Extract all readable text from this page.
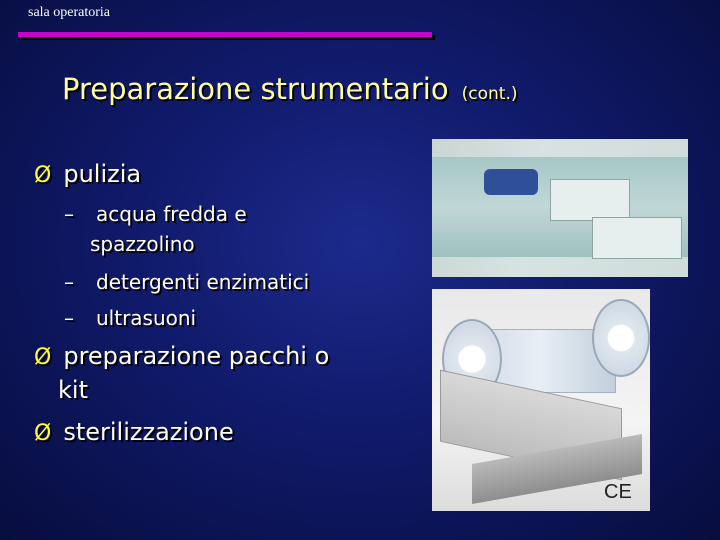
sala operatoria
Preparazione strumentario (cont.)
Ø pulizia
– acqua fredda e
spazzolino
– detergenti enzimatici
– ultrasuoni
Ø preparazione pacchi o
kit
Ø sterilizzazione
CE
